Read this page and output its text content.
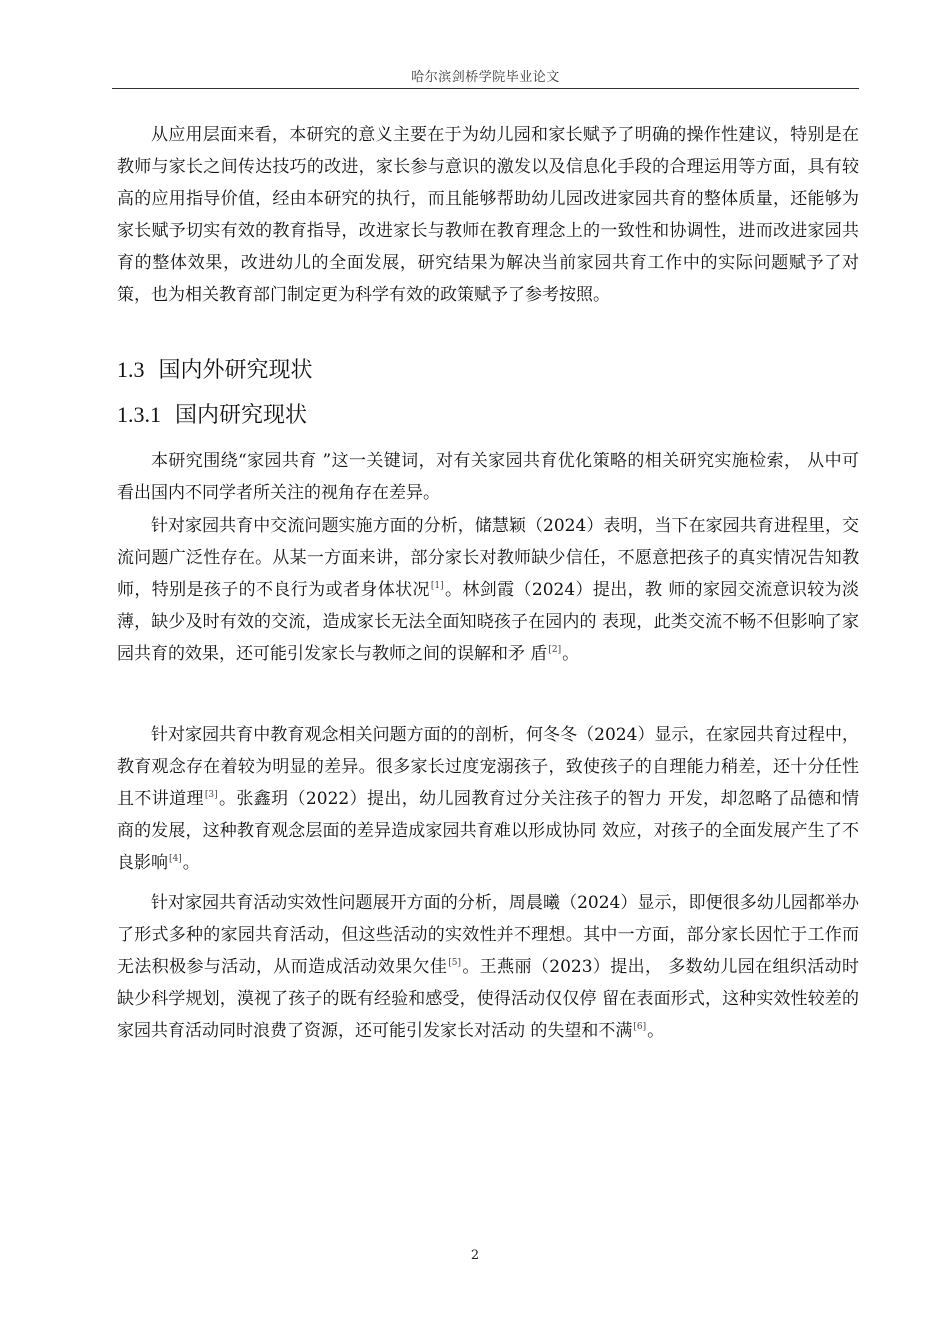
哈尔滨剑桥学院毕业论文

从应用层面来看，本研究的意义主要在于为幼儿园和家长赋予了明确的操作性建议，特别是在教师与家长之间传达技巧的改进，家长参与意识的激发以及信息化手段的合理运用等方面，具有较高的应用指导价值，经由本研究的执行，而且能够帮助幼儿园改进家园共育的整体质量，还能够为家长赋予切实有效的教育指导，改进家长与教师在教育理念上的一致性和协调性，进而改进家园共育的整体效果，改进幼儿的全面发展，研究结果为解决当前家园共育工作中的实际问题赋予了对策，也为相关教育部门制定更为科学有效的政策赋予了参考按照。

1.3 国内外研究现状
1.3.1 国内研究现状

本研究围绕“家园共育 ”这一关键词，对有关家园共育优化策略的相关研究实施检索， 从中可看出国内不同学者所关注的视角存在差异。

针对家园共育中交流问题实施方面的分析，储慧颖（2024）表明，当下在家园共育进程里，交流问题广泛性存在。从某一方面来讲，部分家长对教师缺少信任，不愿意把孩子的真实情况告知教师，特别是孩子的不良行为或者身体状况[1]。林剑霞（2024）提出，教 师的家园交流意识较为淡薄，缺少及时有效的交流，造成家长无法全面知晓孩子在园内的 表现，此类交流不畅不但影响了家园共育的效果，还可能引发家长与教师之间的误解和矛 盾[2]。

针对家园共育中教育观念相关问题方面的的剖析，何冬冬（2024）显示，在家园共育过程中，教育观念存在着较为明显的差异。很多家长过度宠溺孩子，致使孩子的自理能力稍差，还十分任性且不讲道理[3]。张鑫玥（2022）提出，幼儿园教育过分关注孩子的智力 开发，却忽略了品德和情商的发展，这种教育观念层面的差异造成家园共育难以形成协同 效应，对孩子的全面发展产生了不良影响[4]。

针对家园共育活动实效性问题展开方面的分析，周晨曦（2024）显示，即便很多幼儿园都举办了形式多种的家园共育活动，但这些活动的实效性并不理想。其中一方面，部分家长因忙于工作而无法积极参与活动，从而造成活动效果欠佳[5]。王燕丽（2023）提出， 多数幼儿园在组织活动时缺少科学规划，漠视了孩子的既有经验和感受，使得活动仅仅停 留在表面形式，这种实效性较差的家园共育活动同时浪费了资源，还可能引发家长对活动 的失望和不满[6]。

2
